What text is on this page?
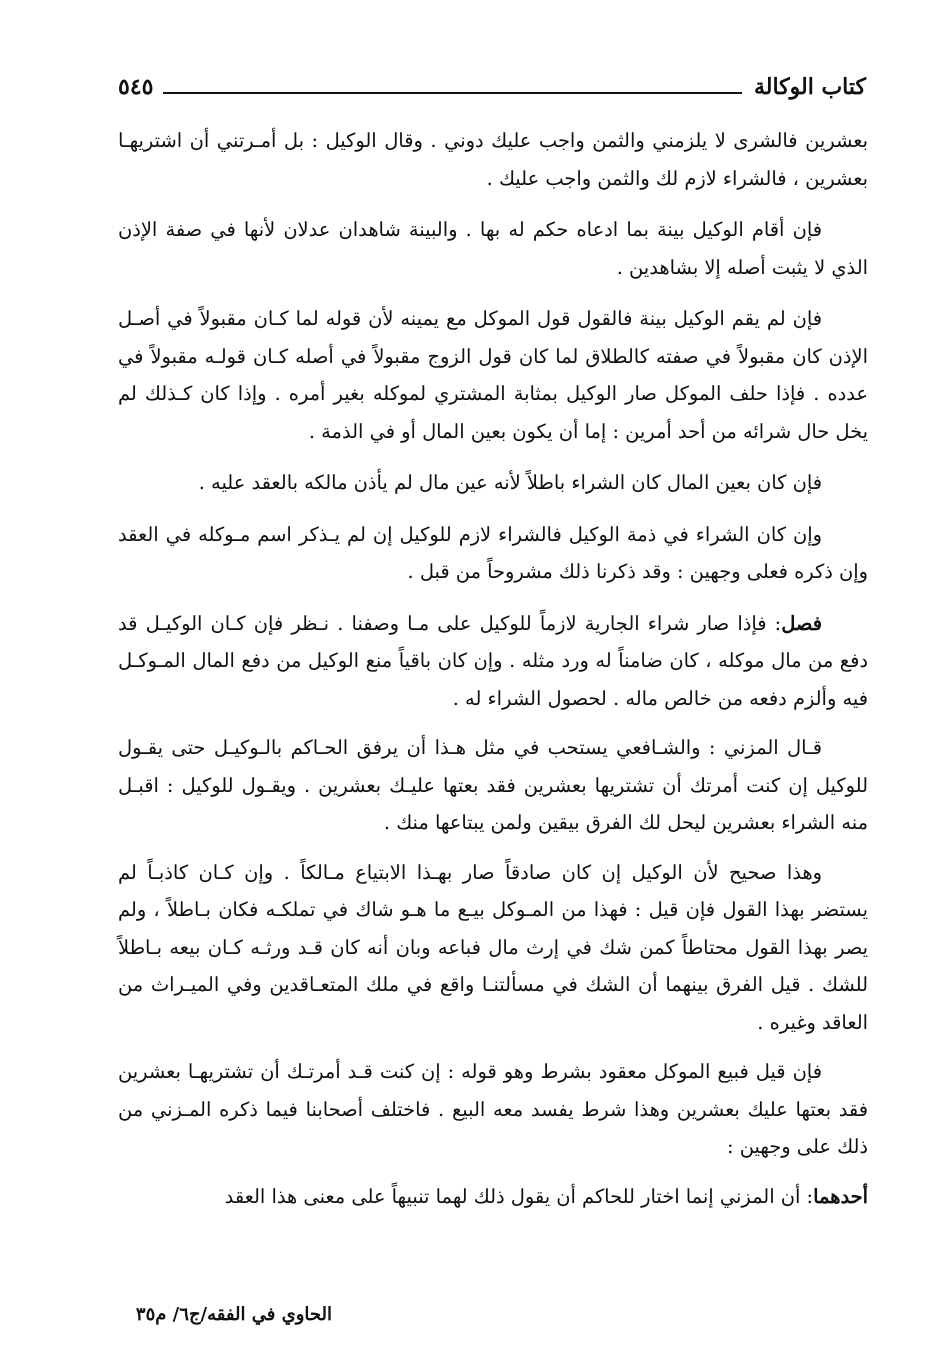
كتاب الوكالة
٥٤٥

بعشرين فالشرى لا يلزمني والثمن واجب عليك دوني . وقال الوكيل : بل أمـرتني أن اشتريهـا
بعشرين ، فالشراء لازم لك والثمن واجب عليك .

فإن أقام الوكيل بينة بما ادعاه حكم له بها . والبينة شاهدان عدلان لأنها في صفة الإذن
الذي لا يثبت أصله إلا بشاهدين .

فإن لم يقم الوكيل بينة فالقول قول الموكل مع يمينه لأن قوله لما كـان مقبولاً في أصـل
الإذن كان مقبولاً في صفته كالطلاق لما كان قول الزوج مقبولاً في أصله كـان قولـه مقبولاً في
عدده . فإذا حلف الموكل صار الوكيل بمثابة المشتري لموكله بغير أمره . وإذا كان كـذلك لم
يخل حال شرائه من أحد أمرين : إما أن يكون بعين المال أو في الذمة .

فإن كان بعين المال كان الشراء باطلاً لأنه عين مال لم يأذن مالكه بالعقد عليه .

وإن كان الشراء في ذمة الوكيل فالشراء لازم للوكيل إن لم يـذكر اسم مـوكله في العقد
وإن ذكره فعلى وجهين : وقد ذكرنا ذلك مشروحاً من قبل .

فصل: فإذا صار شراء الجارية لازماً للوكيل على مـا وصفنا . نـظر فإن كـان الوكيـل قد
دفع من مال موكله ، كان ضامناً له ورد مثله . وإن كان باقياً منع الوكيل من دفع المال المـوكـل
فيه وألزم دفعه من خالص ماله . لحصول الشراء له .

قـال المزني : والشـافعي يستحب في مثل هـذا أن يرفق الحـاكم بالـوكيـل حتى يقـول
للوكيل إن كنت أمرتك أن تشتريها بعشرين فقد بعتها عليـك بعشرين . ويقـول للوكيل : اقبـل
منه الشراء بعشرين ليحل لك الفرق بيقين ولمن يبتاعها منك .

وهذا صحيح لأن الوكيل إن كان صادقاً صار بهـذا الابتياع مـالكاً . وإن كـان كاذبـاً لم
يستضر بهذا القول فإن قيل : فهذا من المـوكل بيـع ما هـو شاك في تملكـه فكان بـاطلاً ، ولم
يصر بهذا القول محتاطاً كمن شك في إرث مال فباعه وبان أنه كان قـد ورثـه كـان بيعه بـاطلاً
للشك . قيل الفرق بينهما أن الشك في مسألتنـا واقع في ملك المتعـاقدين وفي الميـراث من
العاقد وغيره .

فإن قيل فبيع الموكل معقود بشرط وهو قوله : إن كنت قـد أمرتـك أن تشتريهـا بعشرين
فقد بعتها عليك بعشرين وهذا شرط يفسد معه البيع . فاختلف أصحابنا فيما ذكره المـزني من
ذلك على وجهين :

أحدهما: أن المزني إنما اختار للحاكم أن يقول ذلك لهما تنبيهاً على معنى هذا العقد

الحاوي في الفقه/ج٦/ م٣٥
